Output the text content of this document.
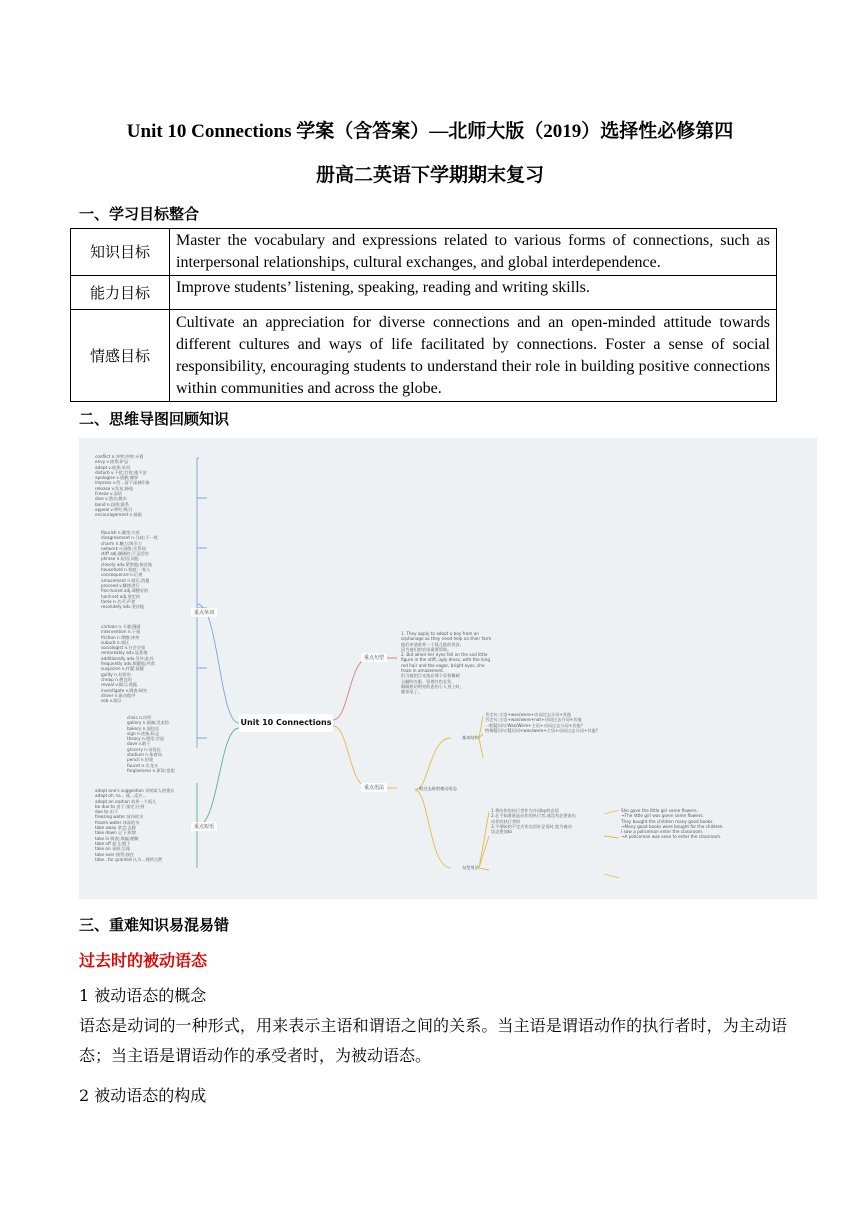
Unit 10 Connections 学案（含答案）—北师大版（2019）选择性必修第四
册高二英语下学期期末复习
一、学习目标整合
知识目标	Master the vocabulary and expressions related to various forms of connections, such as interpersonal relationships, cultural exchanges, and global interdependence.
能力目标	Improve students’ listening, speaking, reading and writing skills.
情感目标	Cultivate an appreciation for diverse connections and an open-minded attitude towards different cultures and ways of life facilitated by connections. Foster a sense of social responsibility, encouraging students to understand their role in building positive connections within communities and across the globe.
二、思维导图回顾知识
Unit 10 Connections
重点单词
重点短语
重点句型
重点语法
conflict n.冲突;冲突;矛盾
envy v.羡慕;妒忌
adopt v.收养;采用
disturb v.干扰;打扰;使不安
apologise v.道歉;谢罪
impress v.给…留下深刻印象
release v.发布;释放
Freeze v.冻结
dive v.潜水;跳水
bond n.纽带;联系
appeal v.呼吁;吸引
encouragement n.鼓励
flourish n.繁荣;兴旺
disagreement n.分歧;不一致
charm n.魅力;吸引力
network n.网络;关系网
stiff adj.僵硬的;不灵活的
phrase n.短语;词组
closely adv.紧密地;接近地
household n.家庭;一家人
consequence n.后果
amusement n.娱乐;消遣
proceed v.继续进行
fine-tuned adj.调整好的
hard-set adj.坚定的
fame n.名声;声誉
resolutely adv.坚决地
cartoon n.卡通;漫画
intervention n.干预
friction n.摩擦;冲突
suburb n.郊区
sociologist n.社会学家
remarkably adv.显著地
additionally adv.另外;此外
frequently adv.频繁地;经常
suspicion n.怀疑;猜疑
guilty n.有罪的
cheap n.便宜的
reveal v.揭示;透露
investigate v.调查;研究
driver n.驱动程序
sob v.啜泣
clinic n.诊所
gallery n.画廊;美术馆
bakery n.面包店
sign n.迹象;标志
theory n.理论;学说
dave v.敢于
grocery n.杂货店
stadium n.体育场
pencil n.铅笔
faucet n.水龙头
forgiveness n.原谅;宽恕
adopt one's suggestion 采纳某人的建议
adapt oh. to... 使…适应…
adopt an orphan 收养一个孤儿
be due to 由于;预定;应到
due to 由于
freezing water 冰冷的水
frozen water 冰冻的水
take away 拿走;去除
take down 记下;拆除
take in 吸收;欺骗;理解
take off 起飞;脱下
take on 承担;呈现
take over 接管;接任
take...for granted 认为…理所当然
1. They apply to adopt a boy from an
orphanage as they need help on their farm
他们申请收养一个孤儿院的男孩,
因为他们的农场需要帮助。
2. But when her eyes fell on the sad little
figure in the stiff, ugly dress, with the long
red hair and the eager, bright eyes, she
froze in amazement.
但当她的目光落在那个穿着僵硬
丑陋的衣服、留着红色长发、
眼睛热切明亮的悲伤小人身上时,
她惊呆了。
一般过去时的被动语态
基本结构
句型用法
肯定句:主语+was/were+动词过去分词+其他
否定句:主语+was/were+not+动词过去分词+其他
一般疑问句:Was/Were+主语+动词过去分词+其他?
特殊疑问句:疑问词+was/were+主语+动词过去分词+其他?
1.将动作的执行者作为介词by的宾语
2.在不知道谁是动作的执行者,或没有必要说出
动作的执行者时
3.不带to的不定式作宾语补足语时,变为被动
语态要加to
She gave the little girl some flowers.
→The little girl was given some flowers.
They bought the children many good books.
→Many good books were bought for the children.
I saw a policeman enter the classroom.
→A policeman was seen to enter the classroom.
三、重难知识易混易错
过去时的被动语态
1 被动语态的概念
语态是动词的一种形式，用来表示主语和谓语之间的关系。当主语是谓语动作的执行者时，为主动语态；当主语是谓语动作的承受者时，为被动语态。
2 被动语态的构成
